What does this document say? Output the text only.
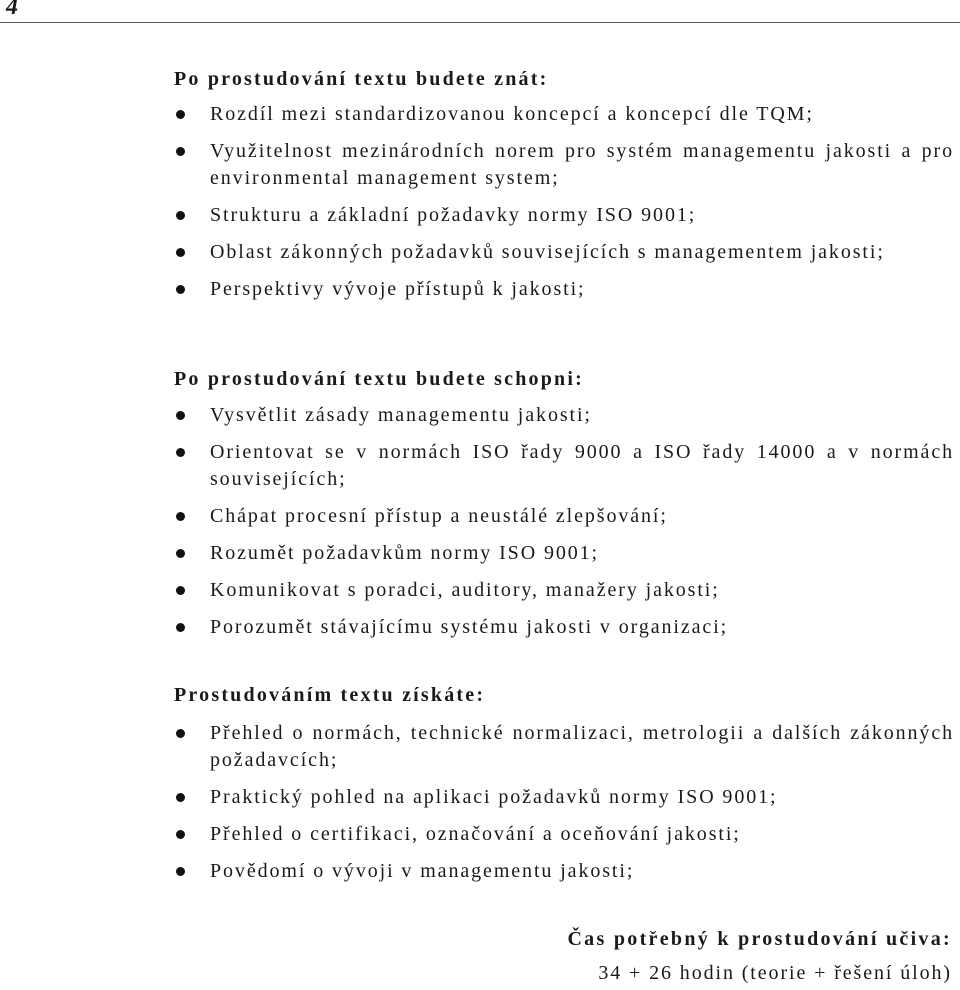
4
Po prostudování textu budete znát:
Rozdíl mezi standardizovanou koncepcí a koncepcí dle TQM;
Využitelnost mezinárodních norem pro systém managementu jakosti a pro environmental management system;
Strukturu a základní požadavky normy ISO 9001;
Oblast zákonných požadavků souvisejících s managementem jakosti;
Perspektivy vývoje přístupů k jakosti;
Po prostudování textu budete schopni:
Vysvětlit zásady managementu jakosti;
Orientovat se v normách ISO řady 9000 a ISO řady 14000 a v normách souvisejících;
Chápat procesní přístup a neustálé zlepšování;
Rozumět požadavkům normy ISO 9001;
Komunikovat s poradci, auditory, manažery jakosti;
Porozumět stávajícímu systému jakosti v organizaci;
Prostudováním textu získáte:
Přehled o normách, technické normalizaci, metrologii a dalších zákonných požadavcích;
Praktický pohled na aplikaci požadavků normy ISO 9001;
Přehled o certifikaci, označování a oceňování jakosti;
Povědomí o vývoji v managementu jakosti;
Čas potřebný k prostudování učiva:
34 + 26 hodin (teorie + řešení úloh)
